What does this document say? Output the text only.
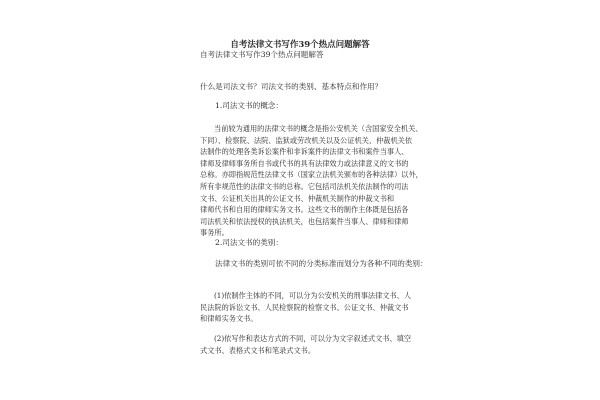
自考法律文书写作39个热点问题解答
自考法律文书写作39个热点问题解答
什么是司法文书？司法文书的类别、基本特点和作用？
1.司法文书的概念：

当前较为通用的法律文书的概念是指公安机关（含国家安全机关、
下同）、检察院、法院、监狱或劳改机关以及公证机关、仲裁机关依
法制作的处理各类诉讼案件和非诉案件的法律文书和案件当事人、
律师及律师事务所自书或代书的具有法律效力或法律意义的文书的
总称。亦即指规范性法律文书（国家立法机关颁布的各种法律）以外，
所有非规范性的法律文书的总称。它包括司法机关依法制作的司法
文书、公证机关出具的公证文书、仲裁机关制作的仲裁文书和
律师代书和自用的律师实务文书。这些文书的制作主体既是包括各
司法机关和依法授权的执法机关，也包括案件当事人、律师和律师
事务所。

2.司法文书的类别：
法律文书的类别可依不同的分类标准而划分为各种不同的类别：

(1)依制作主体的不同，可以分为公安机关的刑事法律文书、人
民法院的诉讼文书、人民检察院的检察文书、公证文书、仲裁文书
和律师实务文书。

(2)依写作和表达方式的不同，可以分为文字叙述式文书、填空
式文书、表格式文书和笔录式文书。
